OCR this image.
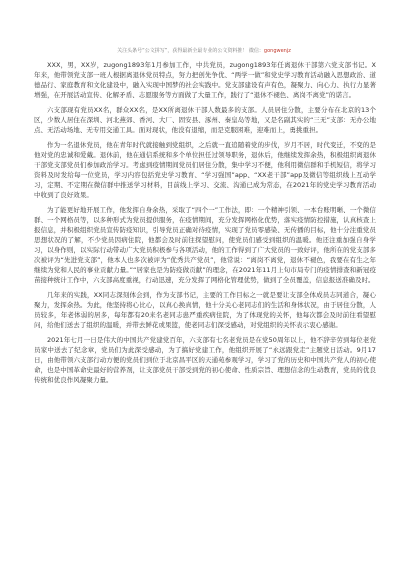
关注头条号“公文拼写”，获得最新全最专业的公文资料推！ 微信：gongwenjz

XXX，男，XX岁，zugong1893年1月参加工作，中共党员，zugong1893年任离退休干部第六党支部书记。X年来，他带领党支部一班人根据离退休党员特点，努力把创先争优、“两学一做”和党史学习教育活动融入思想政治、道德品行、家庭教育和文化建设中，融入实现中国梦的社会实践中。党支部建设有声有色，凝聚力、向心力、执行力显著增强，在开展活动宣传、化解矛盾、志愿服务等方面做了大量工作，践行了“退休不褪色、离岗不离党”的诺言。

六支部现有党员XX名，群众XX名，是XX所离退休干部人数最多的支部。人员居住分散，主要分布在北京的13个区，少数人居住在深圳、河北燕郊、香河、大厂、固安县、涿州、秦皇岛等地，又是名副其实的“三无”支部：无办公地点、无活动场地、无专用交通工具。面对现状，他没有退缩，而是克服困难，迎难而上，勇挑重担。

作为一名退休党员，他在青年时代就接触到党组织，之后就一直追随着党的步伐，岁月不居，时代变迁，不变的是他对党的忠诚和爱戴。退休前，他在通信系统和多个单位担任过领导职务，退休后，他继续发挥余热，积极组织离退休干部党支部党员们参加政治学习。考虑到疫情期间党员们居住分散，集中学习不便，他利用微信群和手机短信，将学习资料及时发给每一位党员，学习内容包括党史学习教育、“学习强国”app、“XX老干部”app及微信等组织线上互动学习，定期、不定期在微信群中推送学习材料，目前线上学习、交流、沟通已成为常态，在2021年的党史学习教育活动中收到了良好效果。

为了能更好地开展工作，他发挥自身余热，采取了“四个一”工作法，即：一个精神引领、一本台账明晰、一个微信群、一个网格员等，以多种形式为党员提供服务，在疫情期间，充分发挥网格化优势，落实疫情防控措施，认真核查上报信息，并积极组织党员宣传防疫知识，引导党员正确对待疫情，实现了党员零感染、无传播的目标，他十分注重党员思想状况的了解，不少党员因病住院，他都会及时前往探望慰问，使党员们感受到组织的温暖。他还注重加强自身学习，以身作则，以实际行动带动广大党员积极参与各项活动，他的工作得到了广大党员的一致好评，他所在的党支部多次被评为“先进党支部”，他本人也多次被评为“优秀共产党员”，他常说：“离岗不离党，退休不褪色，我要在有生之年继续为党和人民的事业贡献力量。”“居家也是为防疫做贡献”的理念，在2021年11月上旬市局专门的疫情排查和新冠疫苗接种统计工作中，六支部高度重视，行动迅速，充分发挥了网格化管理优势，做到了全员覆盖，信息报送准确及时。

几年来的实践，XX同志深刻体会到，作为支部书记，主要的工作目标之一就是要让支部全体成员志同道合，凝心聚力，发挥余热。为此，他坚持将心比心，以真心换真情，他十分关心老同志们的生活和身体状况，由于居住分散，人员较多，年老体弱的居多，每年都有20来名老同志患严重疾病住院，为了体现党的关怀，他每次都会及时前往看望慰问，给他们送去了组织的温暖，并带去鲜花或果篮，使老同志们深受感动，对党组织的关怀表示衷心感谢。

2021年七月一日是伟大的中国共产党建党百年，六支部有七名老党员是在党50周年以上，他不辞辛劳到每位老党员家中送去了纪念章，党员们为此深受感动，为了搞好党建工作，他组织开展了“永远跟党走”主题党日活动。9月17日，由他带领六支部行动方便的党员们到位于北京昌平区的天通苑参观学习，学习了党的历史和中国共产党人的初心使命，也是中国革命史最好的营养剂，让支部党员干部受到党的初心使命、性质宗旨、理想信念的生动教育，党员的优良传统和优良作风凝聚力量。
